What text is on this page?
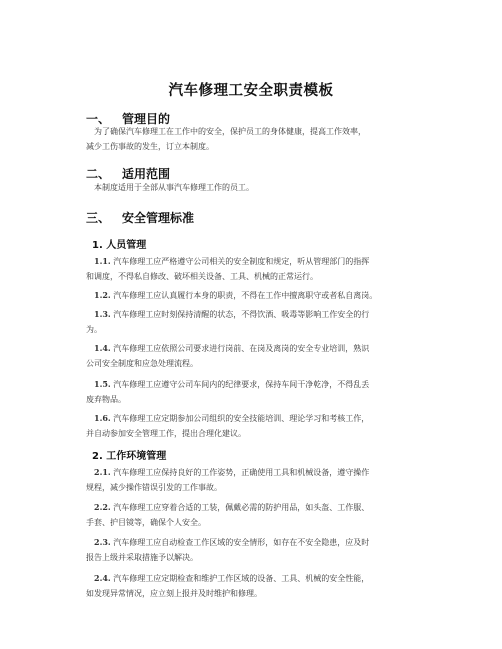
汽车修理工安全职责模板
一、 管理目的
为了确保汽车修理工在工作中的安全，保护员工的身体健康，提高工作效率，
减少工伤事故的发生，订立本制度。
二、 适用范围
本制度适用于全部从事汽车修理工作的员工。
三、 安全管理标准
1. 人员管理
1.1. 汽车修理工应严格遵守公司相关的安全制度和规定，听从管理部门的指挥
和调度，不得私自修改、破坏相关设备、工具、机械的正常运行。
1.2. 汽车修理工应认真履行本身的职责，不得在工作中擅离职守或者私自离岗。
1.3. 汽车修理工应时刻保持清醒的状态，不得饮酒、吸毒等影响工作安全的行
为。
1.4. 汽车修理工应依照公司要求进行岗前、在岗及离岗的安全专业培训，熟识
公司安全制度和应急处理流程。
1.5. 汽车修理工应遵守公司车间内的纪律要求，保持车间干净乾净，不得乱丢
废弃物品。
1.6. 汽车修理工应定期参加公司组织的安全技能培训、理论学习和考核工作，
并自动参加安全管理工作，提出合理化建议。
2. 工作环境管理
2.1. 汽车修理工应保持良好的工作姿势，正确使用工具和机械设备，遵守操作
规程，减少操作错误引发的工作事故。
2.2. 汽车修理工应穿着合适的工装，佩戴必需的防护用品，如头盔、工作服、
手套、护目镜等，确保个人安全。
2.3. 汽车修理工应自动检查工作区域的安全情形，如存在不安全隐患，应及时
报告上级并采取措施予以解决。
2.4. 汽车修理工应定期检查和维护工作区域的设备、工具、机械的安全性能，
如发现异常情况，应立刻上报并及时维护和修理。
